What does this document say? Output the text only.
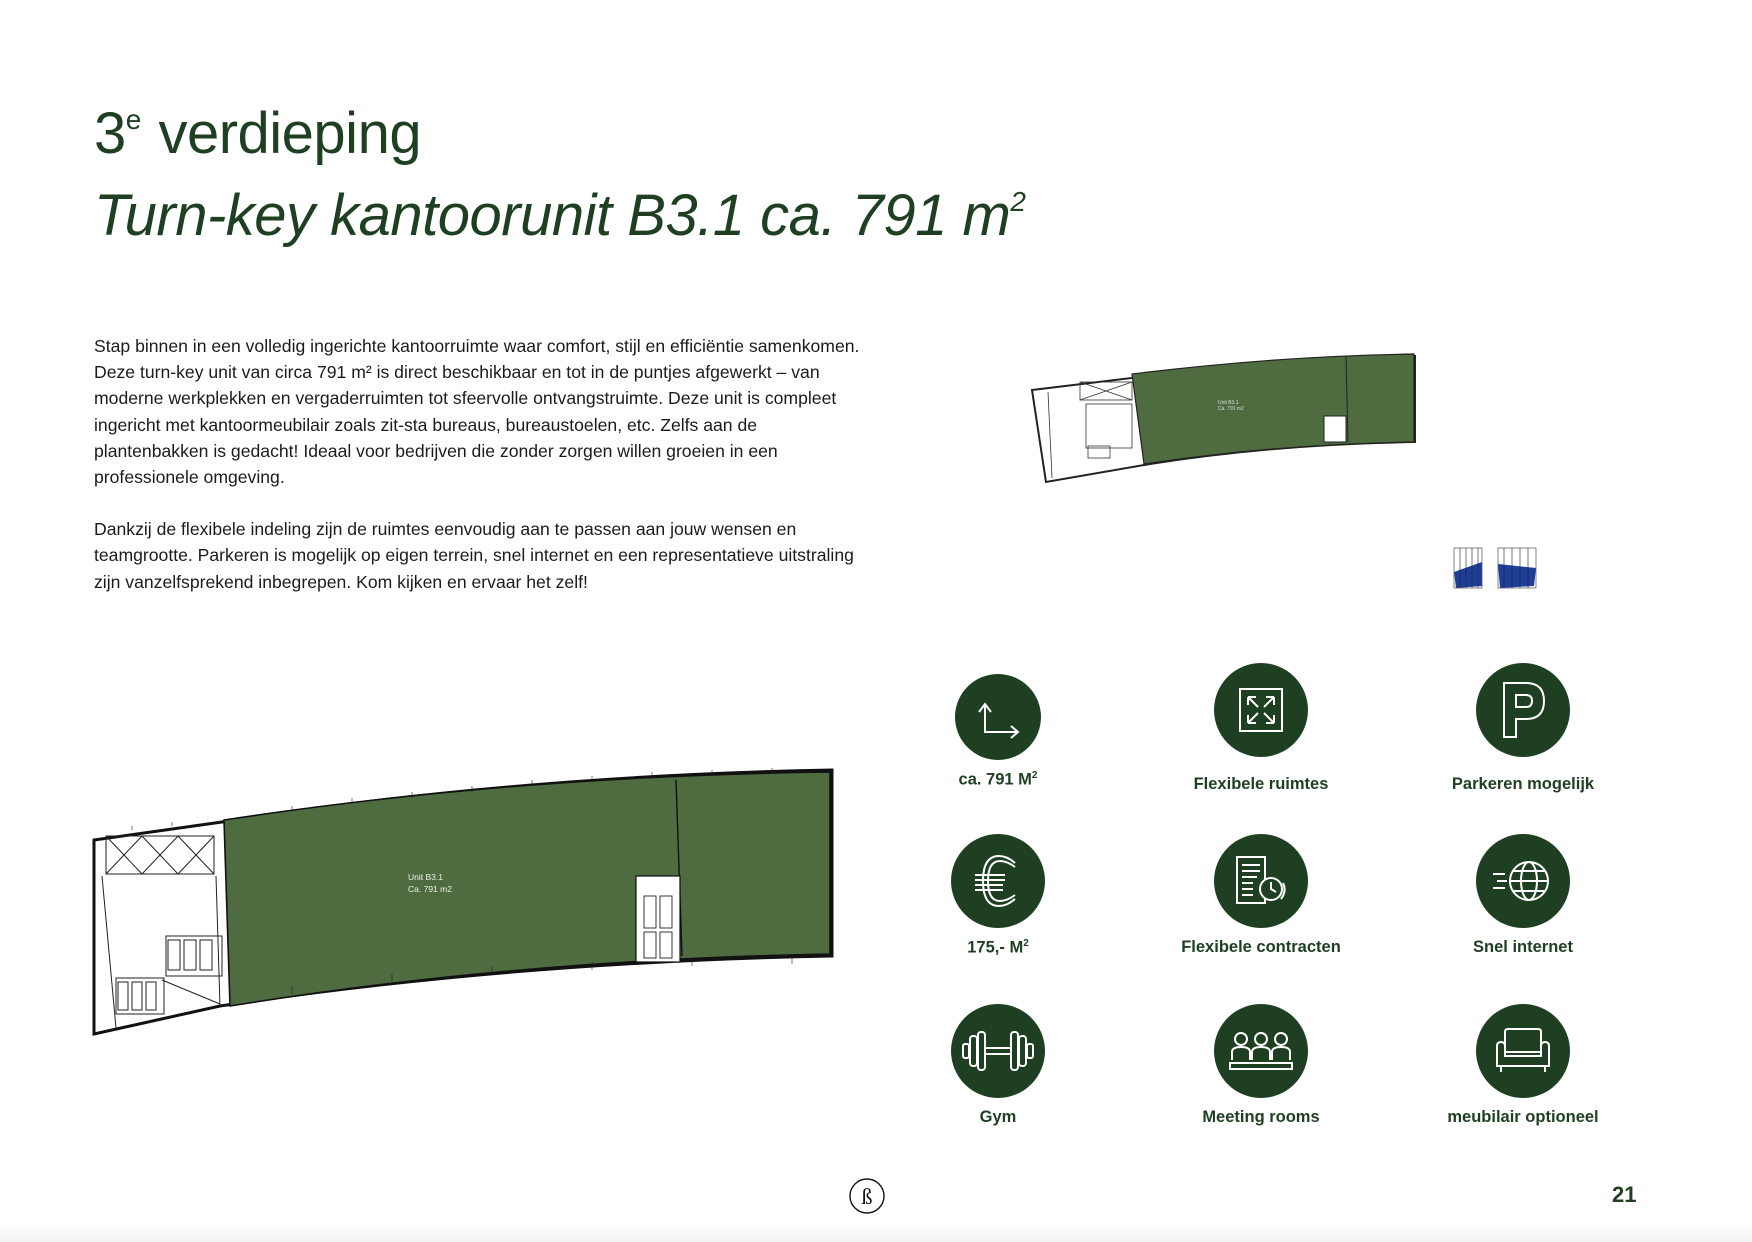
3e verdieping
Turn-key kantoorunit B3.1 ca. 791 $m^2$

Stap binnen in een volledig ingerichte kantoorruimte waar comfort, stijl en efficiëntie samenkomen. Deze turn-key unit van circa 791 m² is direct beschikbaar en tot in de puntjes afgewerkt – van moderne werkplekken en vergaderruimten tot sfeervolle ontvangstruimte. Deze unit is compleet ingericht met kantoormeubilair zoals zit-sta bureaus, bureaustoelen, etc. Zelfs aan de plantenbakken is gedacht! Ideaal voor bedrijven die zonder zorgen willen groeien in een professionele omgeving.

Dankzij de flexibele indeling zijn de ruimtes eenvoudig aan te passen aan jouw wensen en teamgrootte. Parkeren is mogelijk op eigen terrein, snel internet en een representatieve uitstraling zijn vanzelfsprekend inbegrepen. Kom kijken en ervaar het zelf!

Unit B3.1
Ca. 791 m2
Unit B3.1
Ca. 791 m2
ca. 791 $M^2$	Flexibele ruimtes	Parkeren mogelijk
175,- $M^2$	Flexibele contracten	Snel internet
Gym	Meeting rooms	meubilair optioneel
ß	21
